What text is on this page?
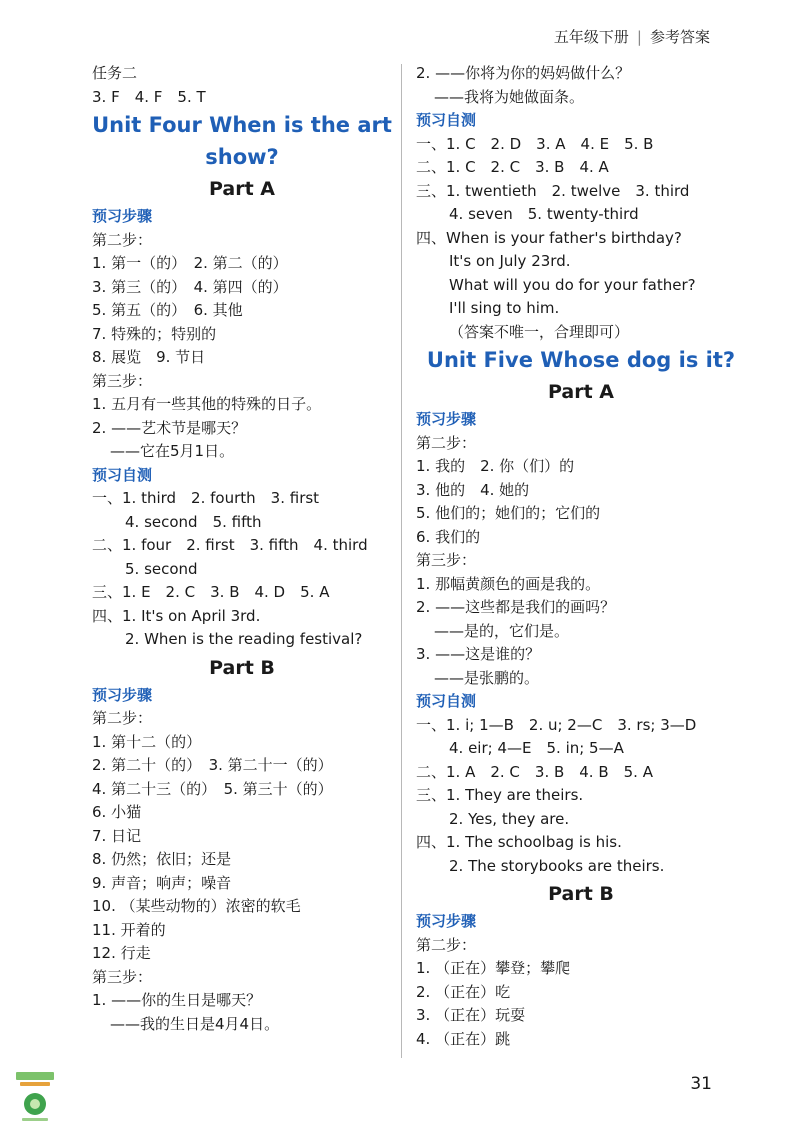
五年级下册 | 参考答案
任务二
3. F　4. F　5. T
Unit Four When is the art show?
Part A
预习步骤
第二步：
1. 第一（的）　2. 第二（的）
3. 第三（的）　4. 第四（的）
5. 第五（的）　6. 其他
7. 特殊的；特别的
8. 展览　9. 节日
第三步：
1. 五月有一些其他的特殊的日子。
2. ——艺术节是哪天？
——它在5月1日。
预习自测
一、1. third　2. fourth　3. first
4. second　5. fifth
二、1. four　2. first　3. fifth　4. third
5. second
三、1. E　2. C　3. B　4. D　5. A
四、1. It's on April 3rd.
2. When is the reading festival?
Part B
预习步骤
第二步：
1. 第十二（的）
2. 第二十（的）　3. 第二十一（的）
4. 第二十三（的）　5. 第三十（的）
6. 小猫
7. 日记
8. 仍然；依旧；还是
9. 声音；响声；噪音
10. （某些动物的）浓密的软毛
11. 开着的
12. 行走
第三步：
1. ——你的生日是哪天？
——我的生日是4月4日。
2. ——你将为你的妈妈做什么？
——我将为她做面条。
预习自测
一、1. C　2. D　3. A　4. E　5. B
二、1. C　2. C　3. B　4. A
三、1. twentieth　2. twelve　3. third
4. seven　5. twenty-third
四、When is your father's birthday?
It's on July 23rd.
What will you do for your father?
I'll sing to him.
（答案不唯一，合理即可）
Unit Five Whose dog is it?
Part A
预习步骤
第二步：
1. 我的　2. 你（们）的
3. 他的　4. 她的
5. 他们的；她们的；它们的
6. 我们的
第三步：
1. 那幅黄颜色的画是我的。
2. ——这些都是我们的画吗？
——是的，它们是。
3. ——这是谁的？
——是张鹏的。
预习自测
一、1. i; 1—B　2. u; 2—C　3. rs; 3—D
4. eir; 4—E　5. in; 5—A
二、1. A　2. C　3. B　4. B　5. A
三、1. They are theirs.
2. Yes, they are.
四、1. The schoolbag is his.
2. The storybooks are theirs.
Part B
预习步骤
第二步：
1. （正在）攀登；攀爬
2. （正在）吃
3. （正在）玩耍
4. （正在）跳
31
